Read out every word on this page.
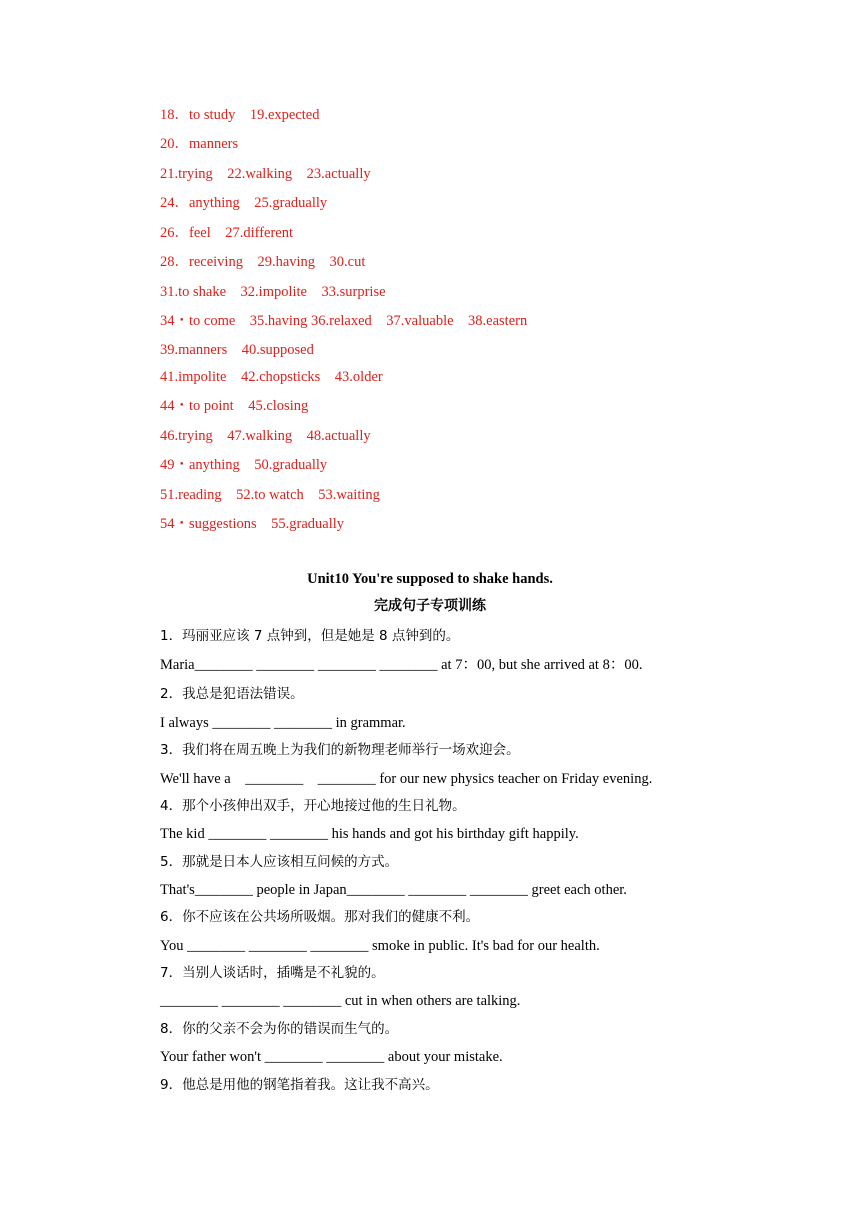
18．to study    19.expected
20．manners
21.trying    22.walking    23.actually
24．anything    25.gradually
26．feel    27.different
28．receiving    29.having    30.cut
31.to shake    32.impolite    33.surprise
34・to come    35.having 36.relaxed    37.valuable    38.eastern
39.manners    40.supposed
41.impolite    42.chopsticks    43.older
44・to point    45.closing
46.trying    47.walking    48.actually
49・anything    50.gradually
51.reading    52.to watch    53.waiting
54・suggestions    55.gradually
Unit10 You're supposed to shake hands.
完成句子专项训练
1．玛丽亚应该 7 点钟到，但是她是 8 点钟到的。
Maria________ ________ ________ ________ at 7：00, but she arrived at 8：00.
2．我总是犯语法错误。
I always ________ ________ in grammar.
3．我们将在周五晚上为我们的新物理老师举行一场欢迎会。
We'll have a    ________    ________ for our new physics teacher on Friday evening.
4．那个小孩伸出双手，开心地接过他的生日礼物。
The kid ________ ________ his hands and got his birthday gift happily.
5．那就是日本人应该相互问候的方式。
That's________ people in Japan________ ________ ________ greet each other.
6．你不应该在公共场所吸烟。那对我们的健康不利。
You ________ ________ ________ smoke in public. It's bad for our health.
7．当别人谈话时，插嘴是不礼貌的。
________ ________ ________ cut in when others are talking.
8．你的父亲不会为你的错误而生气的。
Your father won't ________ ________ about your mistake.
9．他总是用他的钢笔指着我。这让我不高兴。
